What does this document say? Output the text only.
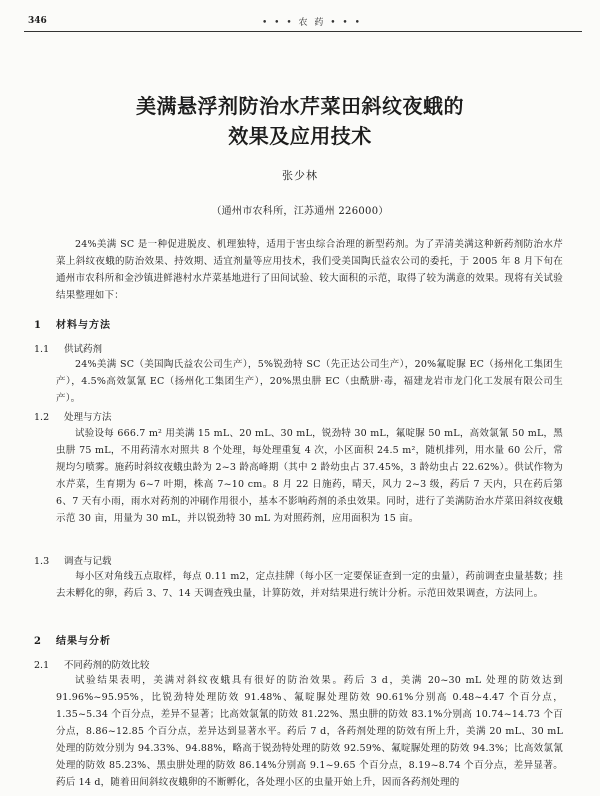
346	• • • 农 药 • • •
美满悬浮剂防治水芹菜田斜纹夜蛾的
效果及应用技术
张少林
（通州市农科所，江苏通州 226000）

24%美满 SC 是一种促进脱皮、机理独特，适用于害虫综合治理的新型药剂。为了弄清美满这种新药剂防治水芹菜上斜纹夜蛾的防治效果、持效期、适宜剂量等应用技术，我们受美国陶氏益农公司的委托，于 2005 年 8 月下旬在通州市农科所和金沙镇进鲜港村水芹菜基地进行了田间试验、较大面积的示范，取得了较为满意的效果。现将有关试验结果整理如下：

1 材料与方法
1.1 供试药剂

24%美满 SC（美国陶氏益农公司生产），5%锐劲特 SC（先正达公司生产），20%氟啶脲 EC（扬州化工集团生产），4.5%高效氯氰 EC（扬州化工集团生产），20%黑虫肼 EC（虫酰肼·毒，福建龙岩市龙门化工发展有限公司生产）。

1.2 处理与方法

试验设每 666.7 m² 用美满 15 mL、20 mL、30 mL，锐劲特 30 mL，氟啶脲 50 mL，高效氯氰 50 mL，黑虫肼 75 mL，不用药清水对照共 8 个处理，每处理重复 4 次，小区面积 24.5 m²，随机排列，用水量 60 公斤，常规均匀喷雾。施药时斜纹夜蛾虫龄为 2~3 龄高峰期（其中 2 龄幼虫占 37.45%，3 龄幼虫占 22.62%）。供试作物为水芹菜，生育期为 6~7 叶期，株高 7~10 cm。8 月 22 日施药，晴天，风力 2~3 级，药后 7 天内，只在药后第 6、7 天有小雨，雨水对药剂的冲刷作用很小，基本不影响药剂的杀虫效果。同时，进行了美满防治水芹菜田斜纹夜蛾示范 30 亩，用量为 30 mL，并以锐劲特 30 mL 为对照药剂，应用面积为 15 亩。

1.3 调查与记载

每小区对角线五点取样，每点 0.11 m2，定点挂牌（每小区一定要保证查到一定的虫量），药前调查虫量基数；挂去未孵化的卵，药后 3、7、14 天调查残虫量，计算防效，并对结果进行统计分析。示范田效果调查，方法同上。

2 结果与分析
2.1 不同药剂的防效比较

试验结果表明，美满对斜纹夜蛾具有很好的防治效果。药后 3 d，美满 20~30 mL 处理的防效达到 91.96%~95.95%，比锐劲特处理防效 91.48%、氟啶脲处理防效 90.61%分别高 0.48~4.47 个百分点，1.35~5.34 个百分点，差异不显著；比高效氯氰的防效 81.22%、黑虫肼的防效 83.1%分别高 10.74~14.73 个百分点，8.86~12.85 个百分点，差异达到显著水平。药后 7 d，各药剂处理的防效有所上升，美满 20 mL、30 mL 处理的防效分别为 94.33%、94.88%，略高于锐劲特处理的防效 92.59%、氟啶脲处理的防效 94.3%；比高效氯氰处理的防效 85.23%、黑虫肼处理的防效 86.14%分别高 9.1~9.65 个百分点，8.19~8.74 个百分点，差异显著。药后 14 d，随着田间斜纹夜蛾卵的不断孵化，各处理小区的虫量开始上升，因而各药剂处理的
